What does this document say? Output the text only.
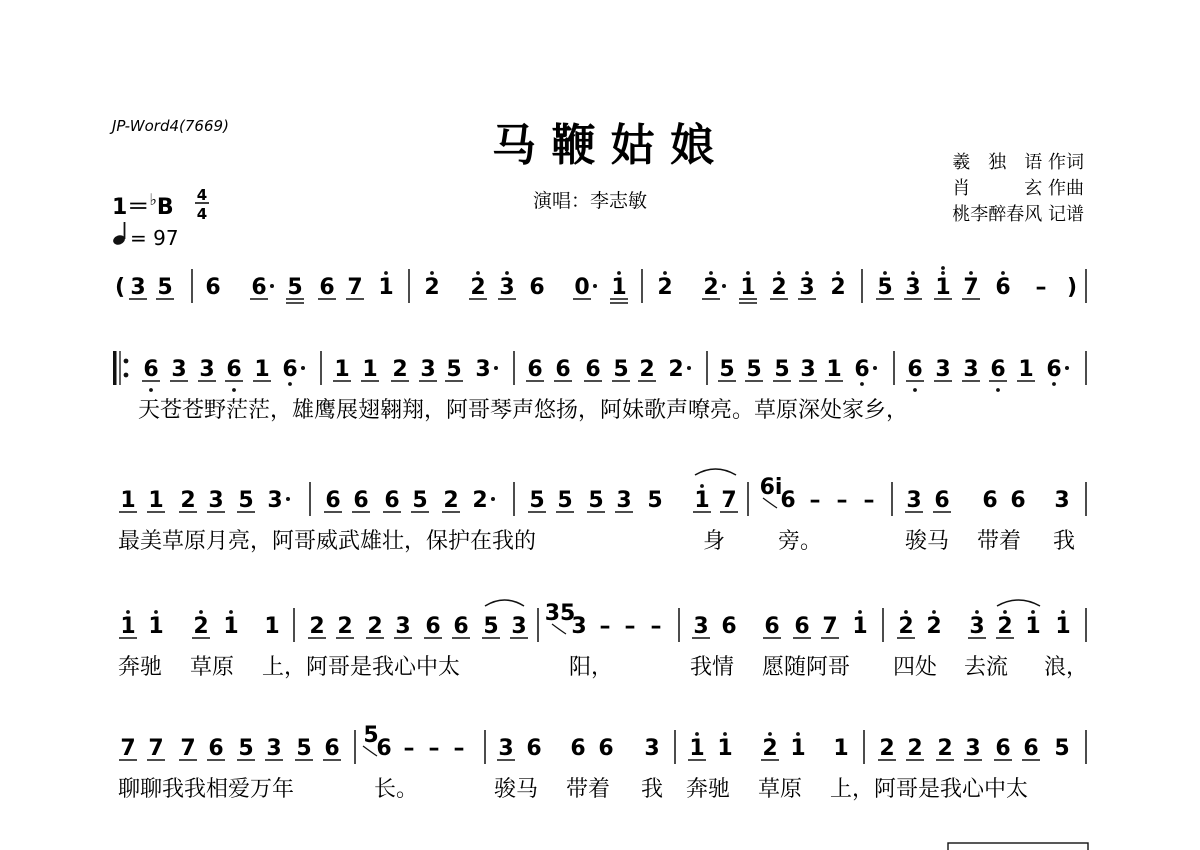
JP-Word4(7669)	马 鞭 姑 娘
演唱：李志敏
羲　独　语 作词
肖　　　玄 作曲
桃李醉春风 记谱
1＝♭B 4
4
= 97
( 3 5 6 6 5 6 7 1 2 2 3 6 0 1 2 2 1 2 3 2 5 3 1 7 6 – )
6 3 3 6 1 6 1 1 2 3 5 3 6 6 6 5 2 2 5 5 5 3 1 6 6 3 3 6 1 6
天苍苍野茫茫，雄鹰展翅翱翔，阿哥琴声悠扬，阿妹歌声嘹亮。草原深处家乡，
1 1 2 3 5 3 6 6 6 5 2 2 5 5 5 3 5 1 7
6i
6 – – – 3 6 6 6 3
最美草原月亮，阿哥威武雄壮，保护在我的	身 旁。	骏马 带着 我
1 1 2 1 1 2 2 2 3 6 6 5 3
35
3 – – – 3 6 6 6 7 1 2 2 3 2 1 1
奔驰 草原 上，阿哥是我心中太	阳，	我情 愿随阿哥 四处 去流 浪，
7 7 7 6 5 3 5 6
5
6 – – – 3 6 6 6 3 1 1 2 1 1 2 2 2 3 6 6 5
聊聊我我相爱万年	长。	骏马 带着 我 奔驰 草原 上，阿哥是我心中太
